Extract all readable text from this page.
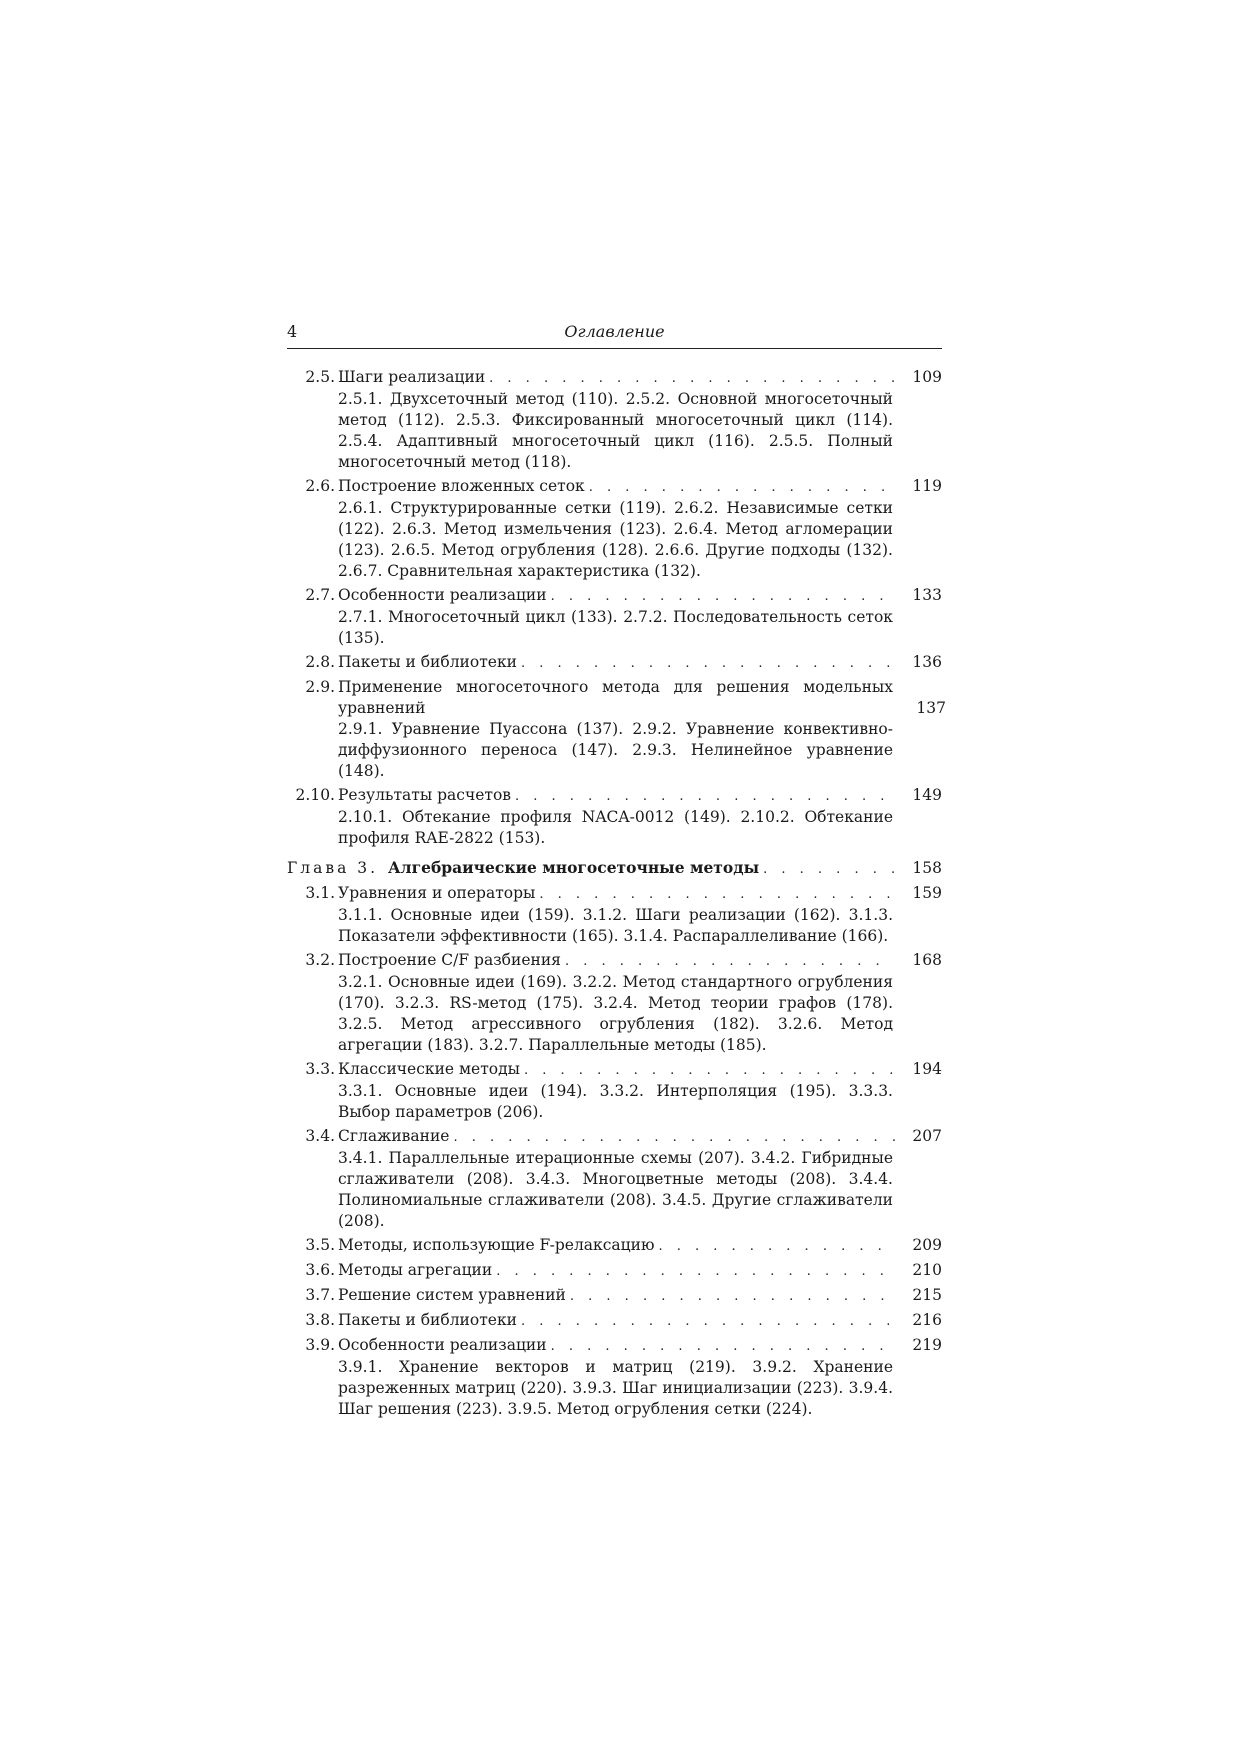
4	Оглавление
2.5. Шаги реализации . . .	109
2.5.1. Двухсеточный метод (110). 2.5.2. Основной многосеточный метод (112). 2.5.3. Фиксированный многосеточный цикл (114). 2.5.4. Адаптивный многосеточный цикл (116). 2.5.5. Полный многосеточный метод (118).
2.6. Построение вложенных сеток . . .	119
2.6.1. Структурированные сетки (119). 2.6.2. Независимые сетки (122). 2.6.3. Метод измельчения (123). 2.6.4. Метод агломерации (123). 2.6.5. Метод огрубления (128). 2.6.6. Другие подходы (132). 2.6.7. Сравнительная характеристика (132).
2.7. Особенности реализации . . .	133
2.7.1. Многосеточный цикл (133). 2.7.2. Последовательность сеток (135).
2.8. Пакеты и библиотеки . . .	136
2.9. Применение многосеточного метода для решения модельных уравнений	137
2.9.1. Уравнение Пуассона (137). 2.9.2. Уравнение конвективно-диффузионного переноса (147). 2.9.3. Нелинейное уравнение (148).
2.10. Результаты расчетов . . .	149
2.10.1. Обтекание профиля NACA-0012 (149). 2.10.2. Обтекание профиля RAE-2822 (153).
Глава 3. Алгебраические многосеточные методы . . .	158
3.1. Уравнения и операторы . . .	159
3.1.1. Основные идеи (159). 3.1.2. Шаги реализации (162). 3.1.3. Показатели эффективности (165). 3.1.4. Распараллеливание (166).
3.2. Построение C/F разбиения . . .	168
3.2.1. Основные идеи (169). 3.2.2. Метод стандартного огрубления (170). 3.2.3. RS-метод (175). 3.2.4. Метод теории графов (178). 3.2.5. Метод агрессивного огрубления (182). 3.2.6. Метод агрегации (183). 3.2.7. Параллельные методы (185).
3.3. Классические методы . . .	194
3.3.1. Основные идеи (194). 3.3.2. Интерполяция (195). 3.3.3. Выбор параметров (206).
3.4. Сглаживание . . .	207
3.4.1. Параллельные итерационные схемы (207). 3.4.2. Гибридные сглаживатели (208). 3.4.3. Многоцветные методы (208). 3.4.4. Полиномиальные сглаживатели (208). 3.4.5. Другие сглаживатели (208).
3.5. Методы, использующие F-релаксацию . . .	209
3.6. Методы агрегации . . .	210
3.7. Решение систем уравнений . . .	215
3.8. Пакеты и библиотеки . . .	216
3.9. Особенности реализации . . .	219
3.9.1. Хранение векторов и матриц (219). 3.9.2. Хранение разреженных матриц (220). 3.9.3. Шаг инициализации (223). 3.9.4. Шаг решения (223). 3.9.5. Метод огрубления сетки (224).
